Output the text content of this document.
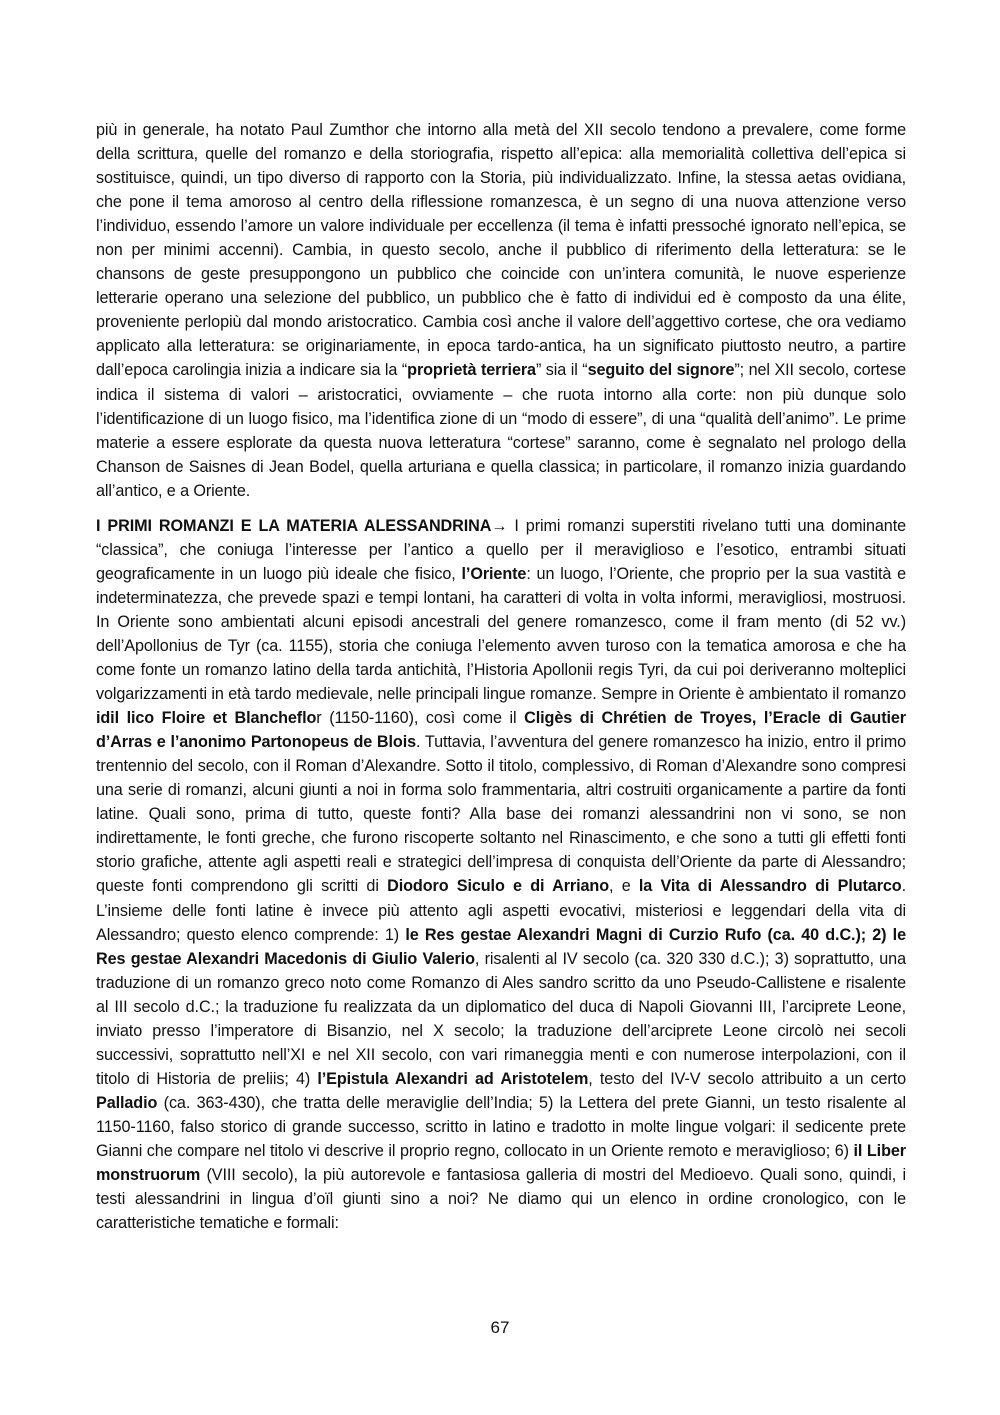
più in generale, ha notato Paul Zumthor che intorno alla metà del XII secolo tendono a prevalere, come forme della scrittura, quelle del romanzo e della storiografia, rispetto all’epica: alla memorialità collettiva dell’epica si sostituisce, quindi, un tipo diverso di rapporto con la Storia, più individualizzato. Infine, la stessa aetas ovidiana, che pone il tema amoroso al centro della riflessione romanzesca, è un segno di una nuova attenzione verso l’individuo, essendo l’amore un valore individuale per eccellenza (il tema è infatti pressoché ignorato nell’epica, se non per minimi accenni). Cambia, in questo secolo, anche il pubblico di riferimento della letteratura: se le chansons de geste presuppongono un pubblico che coincide con un’intera comunità, le nuove esperienze letterarie operano una selezione del pubblico, un pubblico che è fatto di individui ed è composto da una élite, proveniente perlopiù dal mondo aristocratico. Cambia così anche il valore dell’aggettivo cortese, che ora vediamo applicato alla letteratura: se originariamente, in epoca tardo-antica, ha un significato piuttosto neutro, a partire dall’epoca carolingia inizia a indicare sia la “proprietà terriera” sia il “seguito del signore”; nel XII secolo, cortese indica il sistema di valori – aristocratici, ovviamente – che ruota intorno alla corte: non più dunque solo l’identificazione di un luogo fisico, ma l’identifica zione di un “modo di essere”, di una “qualità dell’animo”. Le prime materie a essere esplorate da questa nuova letteratura “cortese” saranno, come è segnalato nel prologo della Chanson de Saisnes di Jean Bodel, quella arturiana e quella classica; in particolare, il romanzo inizia guardando all’antico, e a Oriente.

I PRIMI ROMANZI E LA MATERIA ALESSANDRINA→ I primi romanzi superstiti rivelano tutti una dominante “classica”, che coniuga l’interesse per l’antico a quello per il meraviglioso e l’esotico, entrambi situati geograficamente in un luogo più ideale che fisico, l’Oriente: un luogo, l’Oriente, che proprio per la sua vastità e indeterminatezza, che prevede spazi e tempi lontani, ha caratteri di volta in volta informi, meravigliosi, mostruosi. In Oriente sono ambientati alcuni episodi ancestrali del genere romanzesco, come il fram mento (di 52 vv.) dell’Apollonius de Tyr (ca. 1155), storia che coniuga l’elemento avven turoso con la tematica amorosa e che ha come fonte un romanzo latino della tarda antichità, l’Historia Apollonii regis Tyri, da cui poi deriveranno molteplici volgarizzamenti in età tardo medievale, nelle principali lingue romanze. Sempre in Oriente è ambientato il romanzo idil lico Floire et Blancheflor (1150-1160), così come il Cligès di Chrétien de Troyes, l’Eracle di Gautier d’Arras e l’anonimo Partonopeus de Blois. Tuttavia, l’avventura del genere romanzesco ha inizio, entro il primo trentennio del secolo, con il Roman d’Alexandre. Sotto il titolo, complessivo, di Roman d’Alexandre sono compresi una serie di romanzi, alcuni giunti a noi in forma solo frammentaria, altri costruiti organicamente a partire da fonti latine. Quali sono, prima di tutto, queste fonti? Alla base dei romanzi alessandrini non vi sono, se non indirettamente, le fonti greche, che furono riscoperte soltanto nel Rinascimento, e che sono a tutti gli effetti fonti storio grafiche, attente agli aspetti reali e strategici dell’impresa di conquista dell’Oriente da parte di Alessandro; queste fonti comprendono gli scritti di Diodoro Siculo e di Arriano, e la Vita di Alessandro di Plutarco. L’insieme delle fonti latine è invece più attento agli aspetti evocativi, misteriosi e leggendari della vita di Alessandro; questo elenco comprende: 1) le Res gestae Alexandri Magni di Curzio Rufo (ca. 40 d.C.); 2) le Res gestae Alexandri Macedonis di Giulio Valerio, risalenti al IV secolo (ca. 320 330 d.C.); 3) soprattutto, una traduzione di un romanzo greco noto come Romanzo di Ales sandro scritto da uno Pseudo-Callistene e risalente al III secolo d.C.; la traduzione fu realizzata da un diplomatico del duca di Napoli Giovanni III, l’arciprete Leone, inviato presso l’imperatore di Bisanzio, nel X secolo; la traduzione dell’arciprete Leone circolò nei secoli successivi, soprattutto nell’XI e nel XII secolo, con vari rimaneggia menti e con numerose interpolazioni, con il titolo di Historia de preliis; 4) l’Epistula Alexandri ad Aristotelem, testo del IV-V secolo attribuito a un certo Palladio (ca. 363-430), che tratta delle meraviglie dell’India; 5) la Lettera del prete Gianni, un testo risalente al 1150-1160, falso storico di grande successo, scritto in latino e tradotto in molte lingue volgari: il sedicente prete Gianni che compare nel titolo vi descrive il proprio regno, collocato in un Oriente remoto e meraviglioso; 6) il Liber monstruorum (VIII secolo), la più autorevole e fantasiosa galleria di mostri del Medioevo. Quali sono, quindi, i testi alessandrini in lingua d’oïl giunti sino a noi? Ne diamo qui un elenco in ordine cronologico, con le caratteristiche tematiche e formali:

67
